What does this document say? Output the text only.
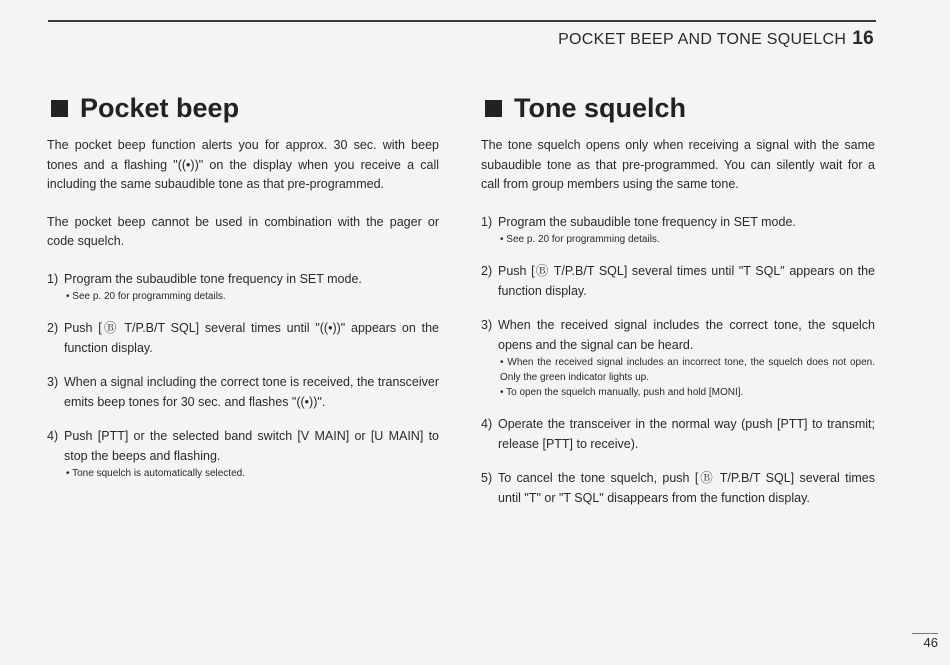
POCKET BEEP AND TONE SQUELCH 16
Pocket beep

The pocket beep function alerts you for approx. 30 sec. with beep tones and a flashing "((•))" on the display when you receive a call including the same subaudible tone as that pre-programmed.

The pocket beep cannot be used in combination with the pager or code squelch.

1) Program the subaudible tone frequency in SET mode.
• See p. 20 for programming details.
2) Push [Ⓑ T/P.B/T SQL] several times until "((•))" appears on the function display.
3) When a signal including the correct tone is received, the transceiver emits beep tones for 30 sec. and flashes "((•))".
4) Push [PTT] or the selected band switch [V MAIN] or [U MAIN] to stop the beeps and flashing.
• Tone squelch is automatically selected.
Tone squelch

The tone squelch opens only when receiving a signal with the same subaudible tone as that pre-programmed. You can silently wait for a call from group members using the same tone.

1) Program the subaudible tone frequency in SET mode.
• See p. 20 for programming details.
2) Push [Ⓑ T/P.B/T SQL] several times until "T SQL" appears on the function display.
3) When the received signal includes the correct tone, the squelch opens and the signal can be heard.
• When the received signal includes an incorrect tone, the squelch does not open. Only the green indicator lights up.
• To open the squelch manually, push and hold [MONI].
4) Operate the transceiver in the normal way (push [PTT] to transmit; release [PTT] to receive).
5) To cancel the tone squelch, push [Ⓑ T/P.B/T SQL] several times until "T" or "T SQL" disappears from the function display.
46
